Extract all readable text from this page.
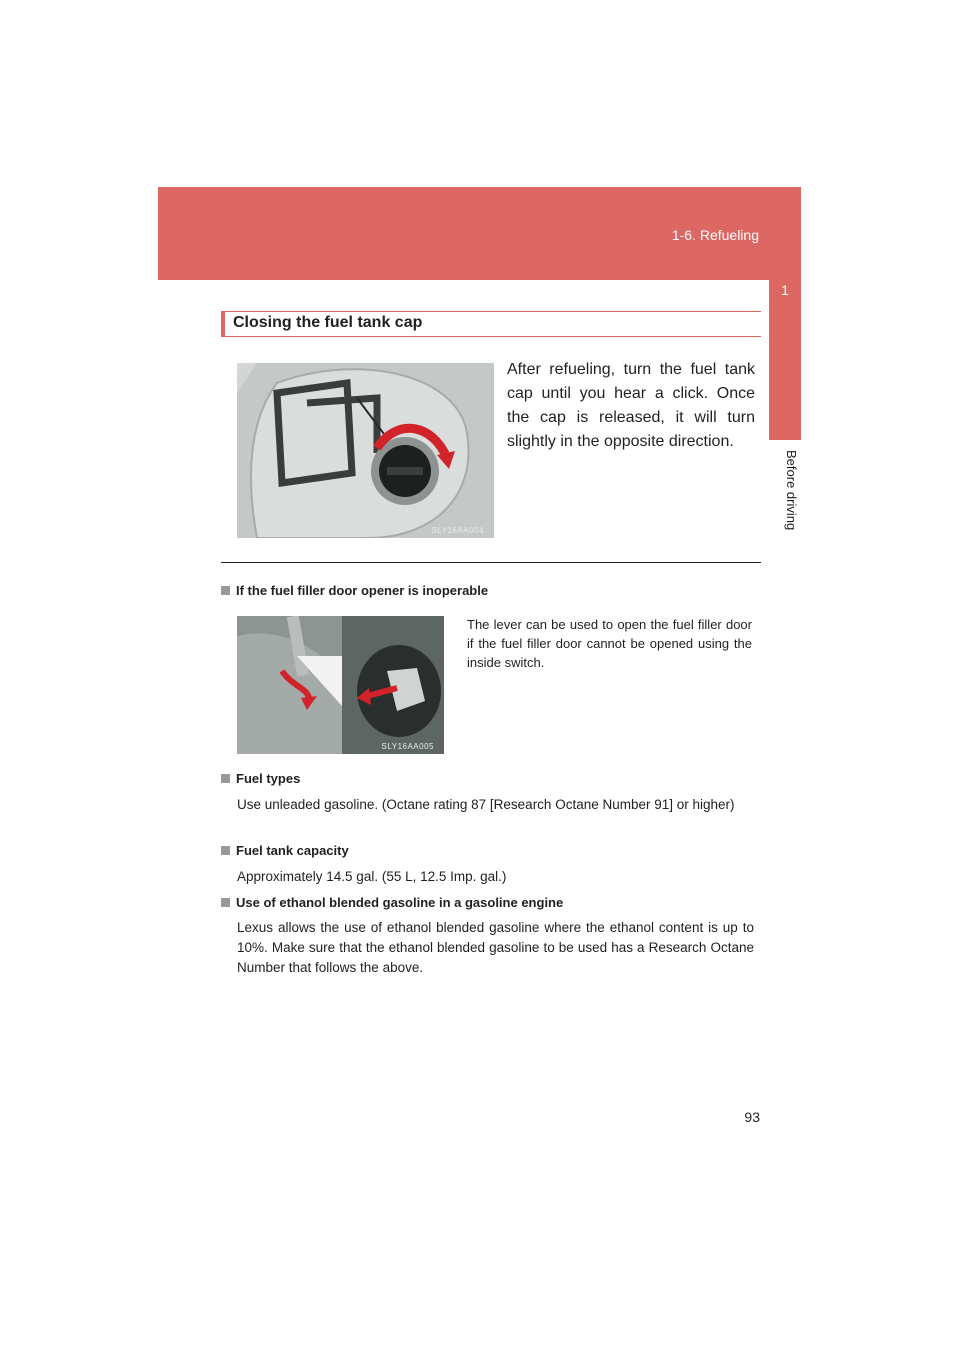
1-6. Refueling
1
Before driving
Closing the fuel tank cap
SLY16AA004
After refueling, turn the fuel tank cap until you hear a click. Once the cap is released, it will turn slightly in the opposite direction.
If the fuel filler door opener is inoperable
SLY16AA005
The lever can be used to open the fuel filler door if the fuel filler door cannot be opened using the inside switch.
Fuel types
Use unleaded gasoline. (Octane rating 87 [Research Octane Number 91] or higher)
Fuel tank capacity
Approximately 14.5 gal. (55 L, 12.5 Imp. gal.)
Use of ethanol blended gasoline in a gasoline engine
Lexus allows the use of ethanol blended gasoline where the ethanol content is up to 10%. Make sure that the ethanol blended gasoline to be used has a Research Octane Number that follows the above.
93
